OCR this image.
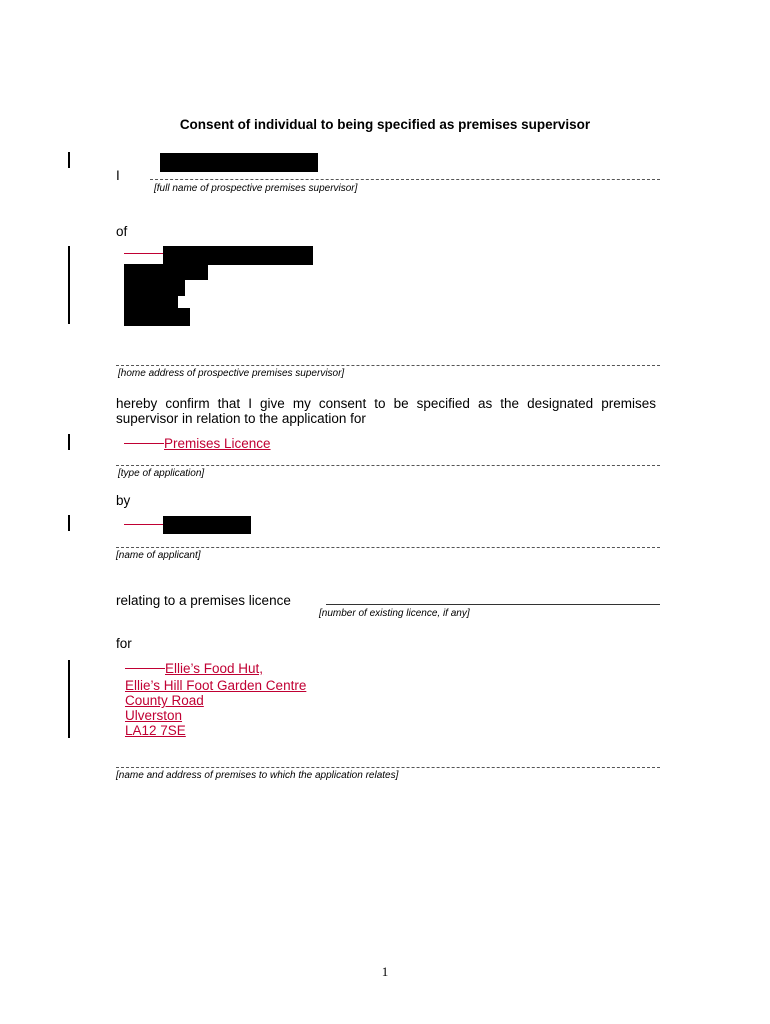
Consent of individual to being specified as premises supervisor
I
[full name of prospective premises supervisor]
of
[home address of prospective premises supervisor]
hereby confirm that I give my consent to be specified as the designated premises supervisor in relation to the application for
Premises Licence
[type of application]
by
[name of applicant]
relating to a premises licence
[number of existing licence, if any]
for
Ellie’s Food Hut,
Ellie’s Hill Foot Garden Centre
County Road
Ulverston
LA12 7SE
[name and address of premises to which the application relates]
1
